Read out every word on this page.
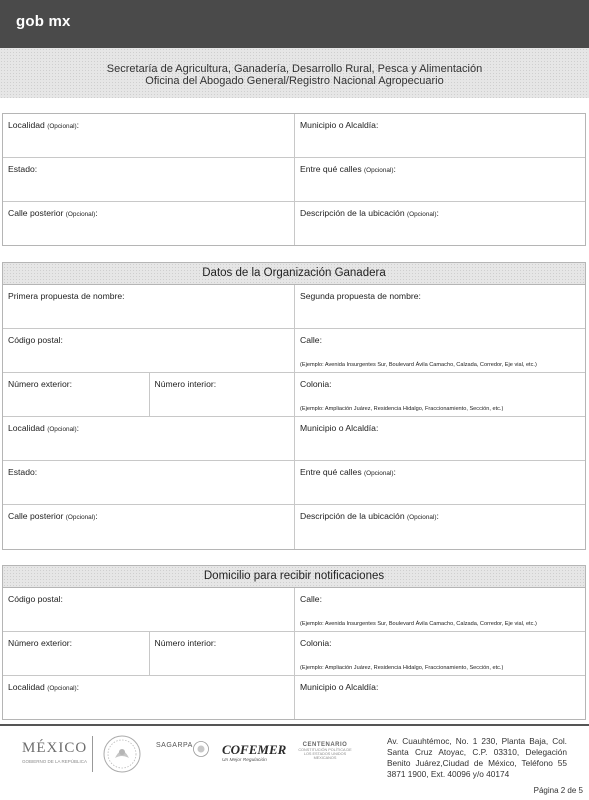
gob mx
Secretaría de Agricultura, Ganadería, Desarrollo Rural, Pesca y Alimentación
Oficina del Abogado General/Registro Nacional Agropecuario
Localidad (Opcional):	Municipio o Alcaldía:
Estado:	Entre qué calles (Opcional):
Calle posterior (Opcional):	Descripción de la ubicación (Opcional):
Datos de la Organización Ganadera
Primera propuesta de nombre:	Segunda propuesta de nombre:
Código postal:	Calle:
(Ejemplo: Avenida Insurgentes Sur, Boulevard Ávila Camacho, Calzada, Corredor, Eje vial, etc.)
Número exterior:	Número interior:	Colonia:
(Ejemplo: Ampliación Juárez, Residencia Hidalgo, Fraccionamiento, Sección, etc.)
Localidad (Opcional):	Municipio o Alcaldía:
Estado:	Entre qué calles (Opcional):
Calle posterior (Opcional):	Descripción de la ubicación (Opcional):
Domicilio para recibir notificaciones
Código postal:	Calle:
(Ejemplo: Avenida Insurgentes Sur, Boulevard Ávila Camacho, Calzada, Corredor, Eje vial, etc.)
Número exterior:	Número interior:	Colonia:
(Ejemplo: Ampliación Juárez, Residencia Hidalgo, Fraccionamiento, Sección, etc.)
Localidad (Opcional):	Municipio o Alcaldía:
MÉXICO
GOBIERNO DE LA REPÚBLICA
SAGARPA COFEMER
Un Mejor Regulación
CENTENARIO
CONSTITUCIÓN POLÍTICA DE LOS ESTADOS UNIDOS MEXICANOS
Av. Cuauhtémoc, No. 1 230, Planta Baja, Col. Santa Cruz Atoyac, C.P. 03310, Delegación Benito Juárez,Ciudad de México, Teléfono 55 3871 1900, Ext. 40096 y/o 40174
Página 2 de 5
